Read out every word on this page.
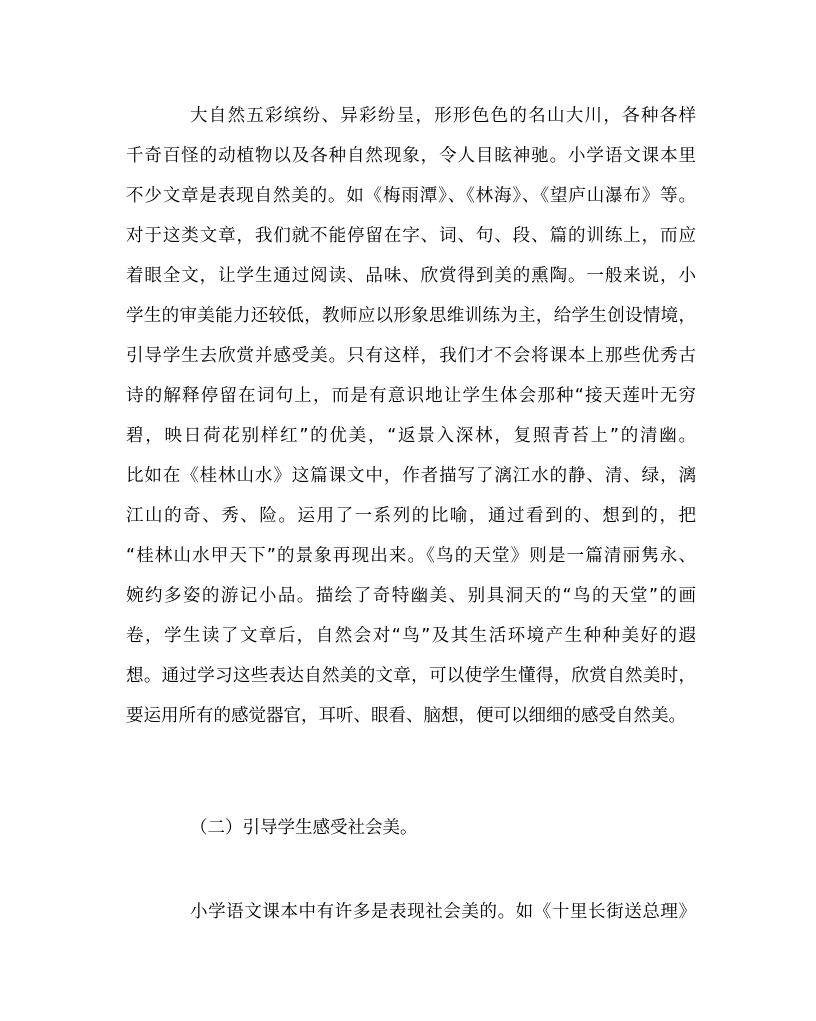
大自然五彩缤纷、异彩纷呈，形形色色的名山大川，各种各样
千奇百怪的动植物以及各种自然现象，令人目眩神驰。小学语文课本里
不少文章是表现自然美的。如《梅雨潭》、《林海》、《望庐山瀑布》等。
对于这类文章，我们就不能停留在字、词、句、段、篇的训练上，而应
着眼全文，让学生通过阅读、品味、欣赏得到美的熏陶。一般来说，小
学生的审美能力还较低，教师应以形象思维训练为主，给学生创设情境，
引导学生去欣赏并感受美。只有这样，我们才不会将课本上那些优秀古
诗的解释停留在词句上，而是有意识地让学生体会那种“接天莲叶无穷
碧，映日荷花别样红”的优美，“返景入深林，复照青苔上”的清幽。
比如在《桂林山水》这篇课文中，作者描写了漓江水的静、清、绿，漓
江山的奇、秀、险。运用了一系列的比喻，通过看到的、想到的，把
“桂林山水甲天下”的景象再现出来。《鸟的天堂》则是一篇清丽隽永、
婉约多姿的游记小品。描绘了奇特幽美、别具洞天的“鸟的天堂”的画
卷，学生读了文章后，自然会对“鸟”及其生活环境产生种种美好的遐
想。通过学习这些表达自然美的文章，可以使学生懂得，欣赏自然美时，
要运用所有的感觉器官，耳听、眼看、脑想，便可以细细的感受自然美。
（二）引导学生感受社会美。
小学语文课本中有许多是表现社会美的。如《十里长街送总理》
